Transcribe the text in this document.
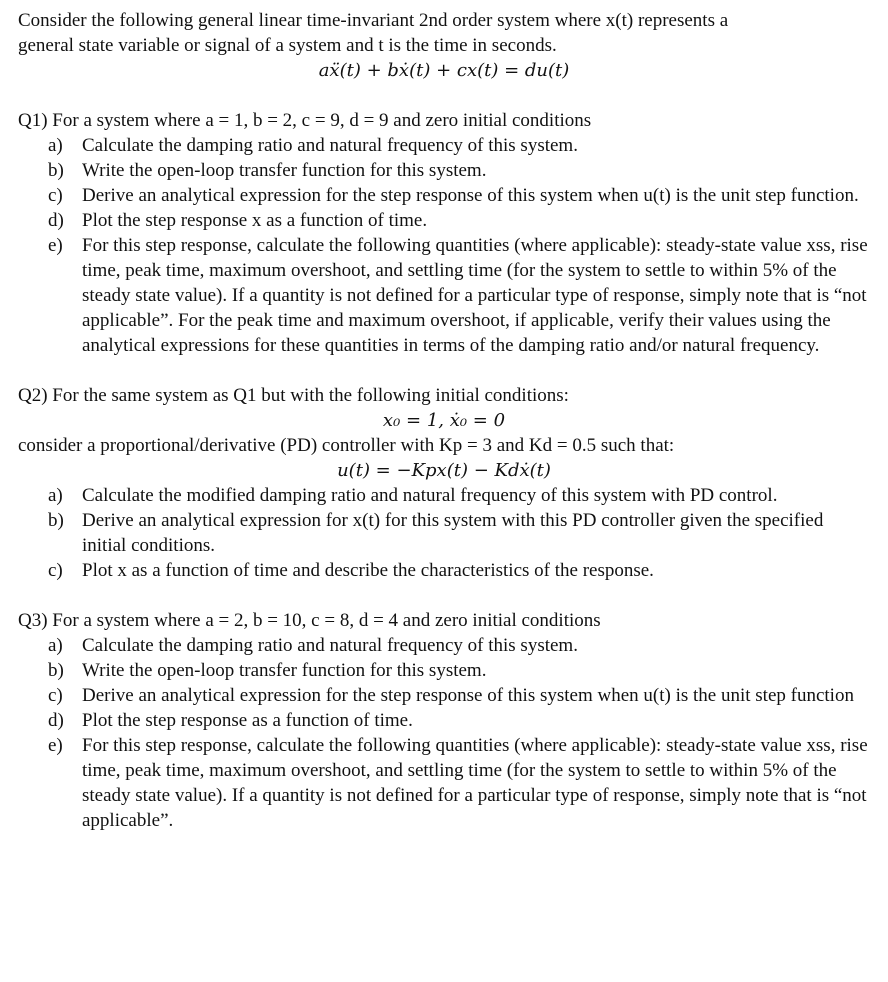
Consider the following general linear time-invariant 2nd order system where x(t) represents a

general state variable or signal of a system and t is the time in seconds.

aẍ(t) + bẋ(t) + cx(t) = du(t)

Q1) For a system where a = 1, b = 2, c = 9, d = 9 and zero initial conditions

a) Calculate the damping ratio and natural frequency of this system.
b) Write the open-loop transfer function for this system.
c) Derive an analytical expression for the step response of this system when u(t) is the unit step function.
d) Plot the step response x as a function of time.
e) For this step response, calculate the following quantities (where applicable): steady-state value xss, rise time, peak time, maximum overshoot, and settling time (for the system to settle to within 5% of the steady state value). If a quantity is not defined for a particular type of response, simply note that is “not applicable”. For the peak time and maximum overshoot, if applicable, verify their values using the analytical expressions for these quantities in terms of the damping ratio and/or natural frequency.

Q2) For the same system as Q1 but with the following initial conditions:

x₀ = 1, ẋ₀ = 0

consider a proportional/derivative (PD) controller with Kp = 3 and Kd = 0.5 such that:

u(t) = −Kpx(t) − Kdẋ(t)

a) Calculate the modified damping ratio and natural frequency of this system with PD control.
b) Derive an analytical expression for x(t) for this system with this PD controller given the specified initial conditions.
c) Plot x as a function of time and describe the characteristics of the response.

Q3) For a system where a = 2, b = 10, c = 8, d = 4 and zero initial conditions

a) Calculate the damping ratio and natural frequency of this system.
b) Write the open-loop transfer function for this system.
c) Derive an analytical expression for the step response of this system when u(t) is the unit step function
d) Plot the step response as a function of time.
e) For this step response, calculate the following quantities (where applicable): steady-state value xss, rise time, peak time, maximum overshoot, and settling time (for the system to settle to within 5% of the steady state value). If a quantity is not defined for a particular type of response, simply note that is “not applicable”.
